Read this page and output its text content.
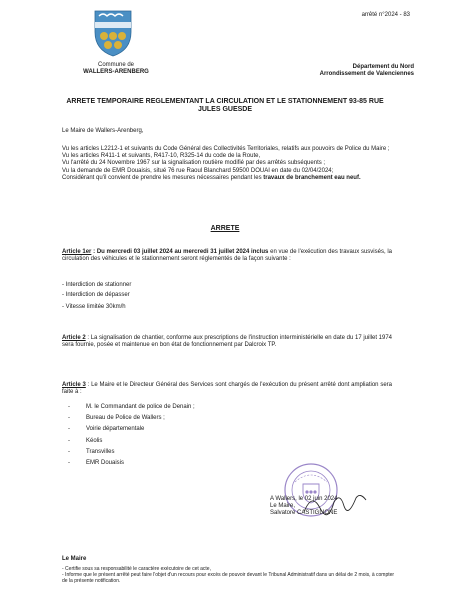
arrêté n°2024 - 83
Commune de
WALLERS-ARENBERG
Département du Nord
Arrondissement de Valenciennes
ARRETE TEMPORAIRE REGLEMENTANT LA CIRCULATION ET LE STATIONNEMENT 93-85 RUE JULES GUESDE
Le Maire de Wallers-Arenberg,
Vu les articles L2212-1 et suivants du Code Général des Collectivités Territoriales, relatifs aux pouvoirs de Police du Maire ;
Vu les articles R411-1 et suivants, R417-10, R325-14 du code de la Route,
Vu l'arrêté du 24 Novembre 1967 sur la signalisation routière modifié par des arrêtés subséquents ;
Vu la demande de EMR Douaisis, situé 76 rue Raoul Blanchard 59500 DOUAI en date du 02/04/2024;
Considérant qu'il convient de prendre les mesures nécessaires pendant les travaux de branchement eau neuf.
ARRETE
Article 1er : Du mercredi 03 juillet 2024 au mercredi 31 juillet 2024 inclus en vue de l'exécution des travaux susvisés, la circulation des véhicules et le stationnement seront réglementés de la façon suivante :
- Interdiction de stationner
- Interdiction de dépasser
- Vitesse limitée 30km/h
Article 2 : La signalisation de chantier, conforme aux prescriptions de l'instruction interministérielle en date du 17 juillet 1974 sera fournie, posée et maintenue en bon état de fonctionnement par Dalcroix TP.
Article 3 : Le Maire et le Directeur Général des Services sont chargés de l'exécution du présent arrêté dont ampliation sera faite à :
- M. le Commandant de police de Denain ;
- Bureau de Police de Wallers ;
- Voirie départementale
- Kéolis
- Transvilles
- EMR Douaisis
A Wallers, le 02 juin 2024
Le Maire,
Salvatore CASTIGLIONE
Le Maire
- Certifie sous sa responsabilité le caractère exécutoire de cet acte,
- Informe que le présent arrêté peut faire l'objet d'un recours pour excès de pouvoir devant le Tribunal Administratif dans un délai de 2 mois, à compter de la présente notification.
